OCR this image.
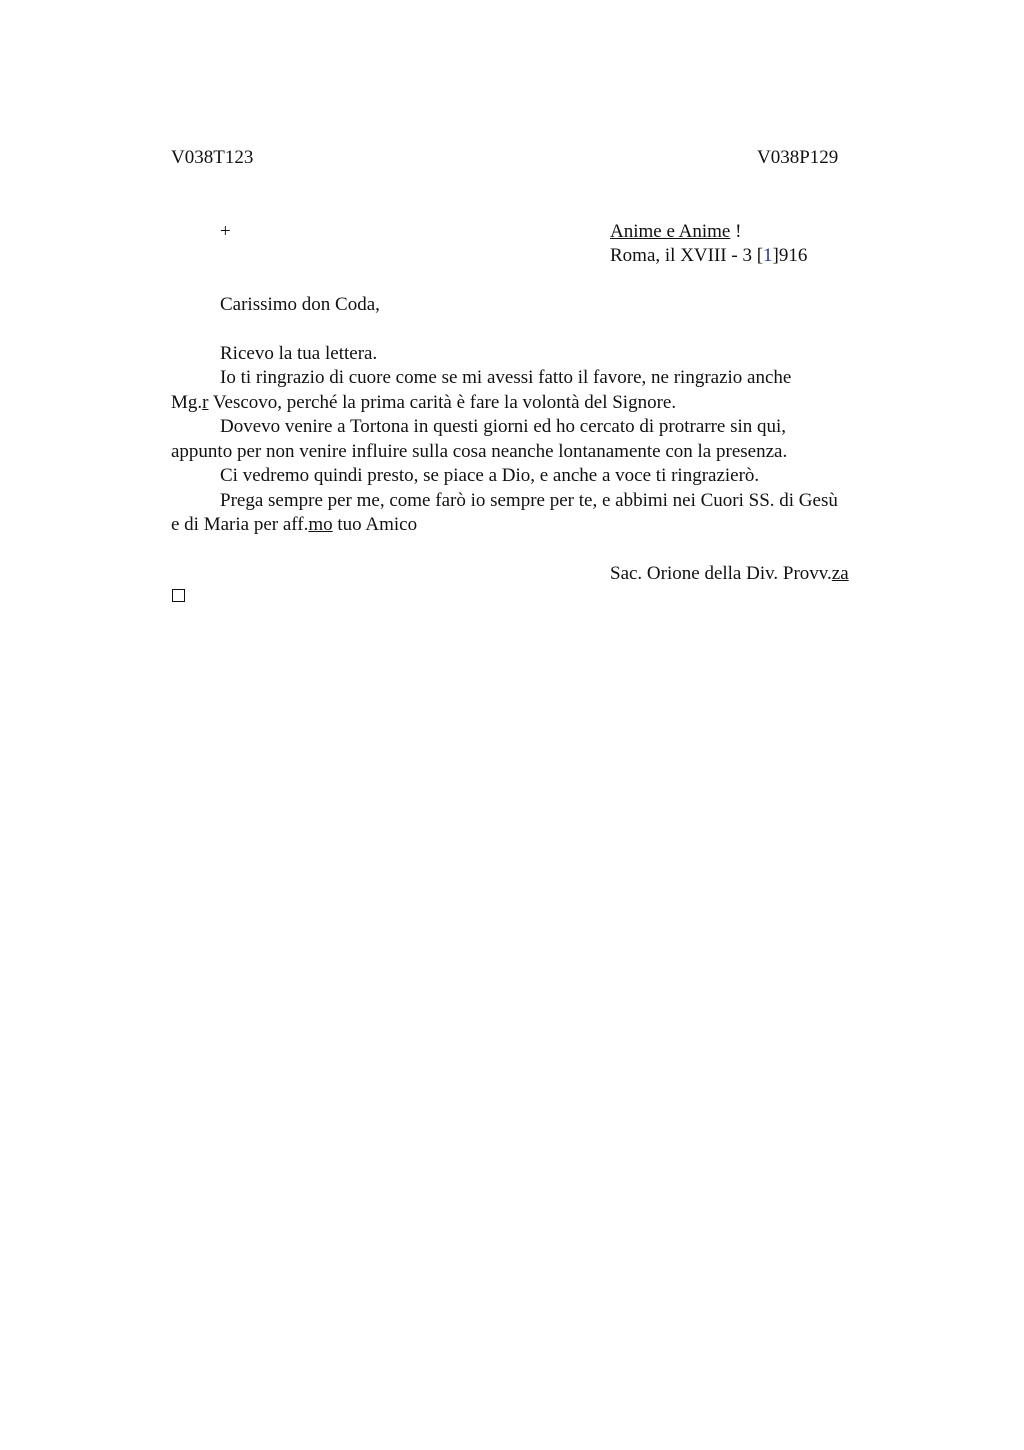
V038T123	V038P129
+	Anime e Anime !
Roma, il XVIII - 3 [1]916
Carissimo don Coda,
Ricevo la tua lettera.
Io ti ringrazio di cuore come se mi avessi fatto il favore, ne ringrazio anche
Mg.r Vescovo, perché la prima carità è fare la volontà del Signore.
Dovevo venire a Tortona in questi giorni ed ho cercato di protrarre sin qui,
appunto per non venire influire sulla cosa neanche lontanamente con la presenza.
Ci vedremo quindi presto, se piace a Dio, e anche a voce ti ringrazierò.
Prega sempre per me, come farò io sempre per te, e abbimi nei Cuori SS. di Gesù
e di Maria per aff.mo tuo Amico
Sac. Orione della Div. Provv.za
